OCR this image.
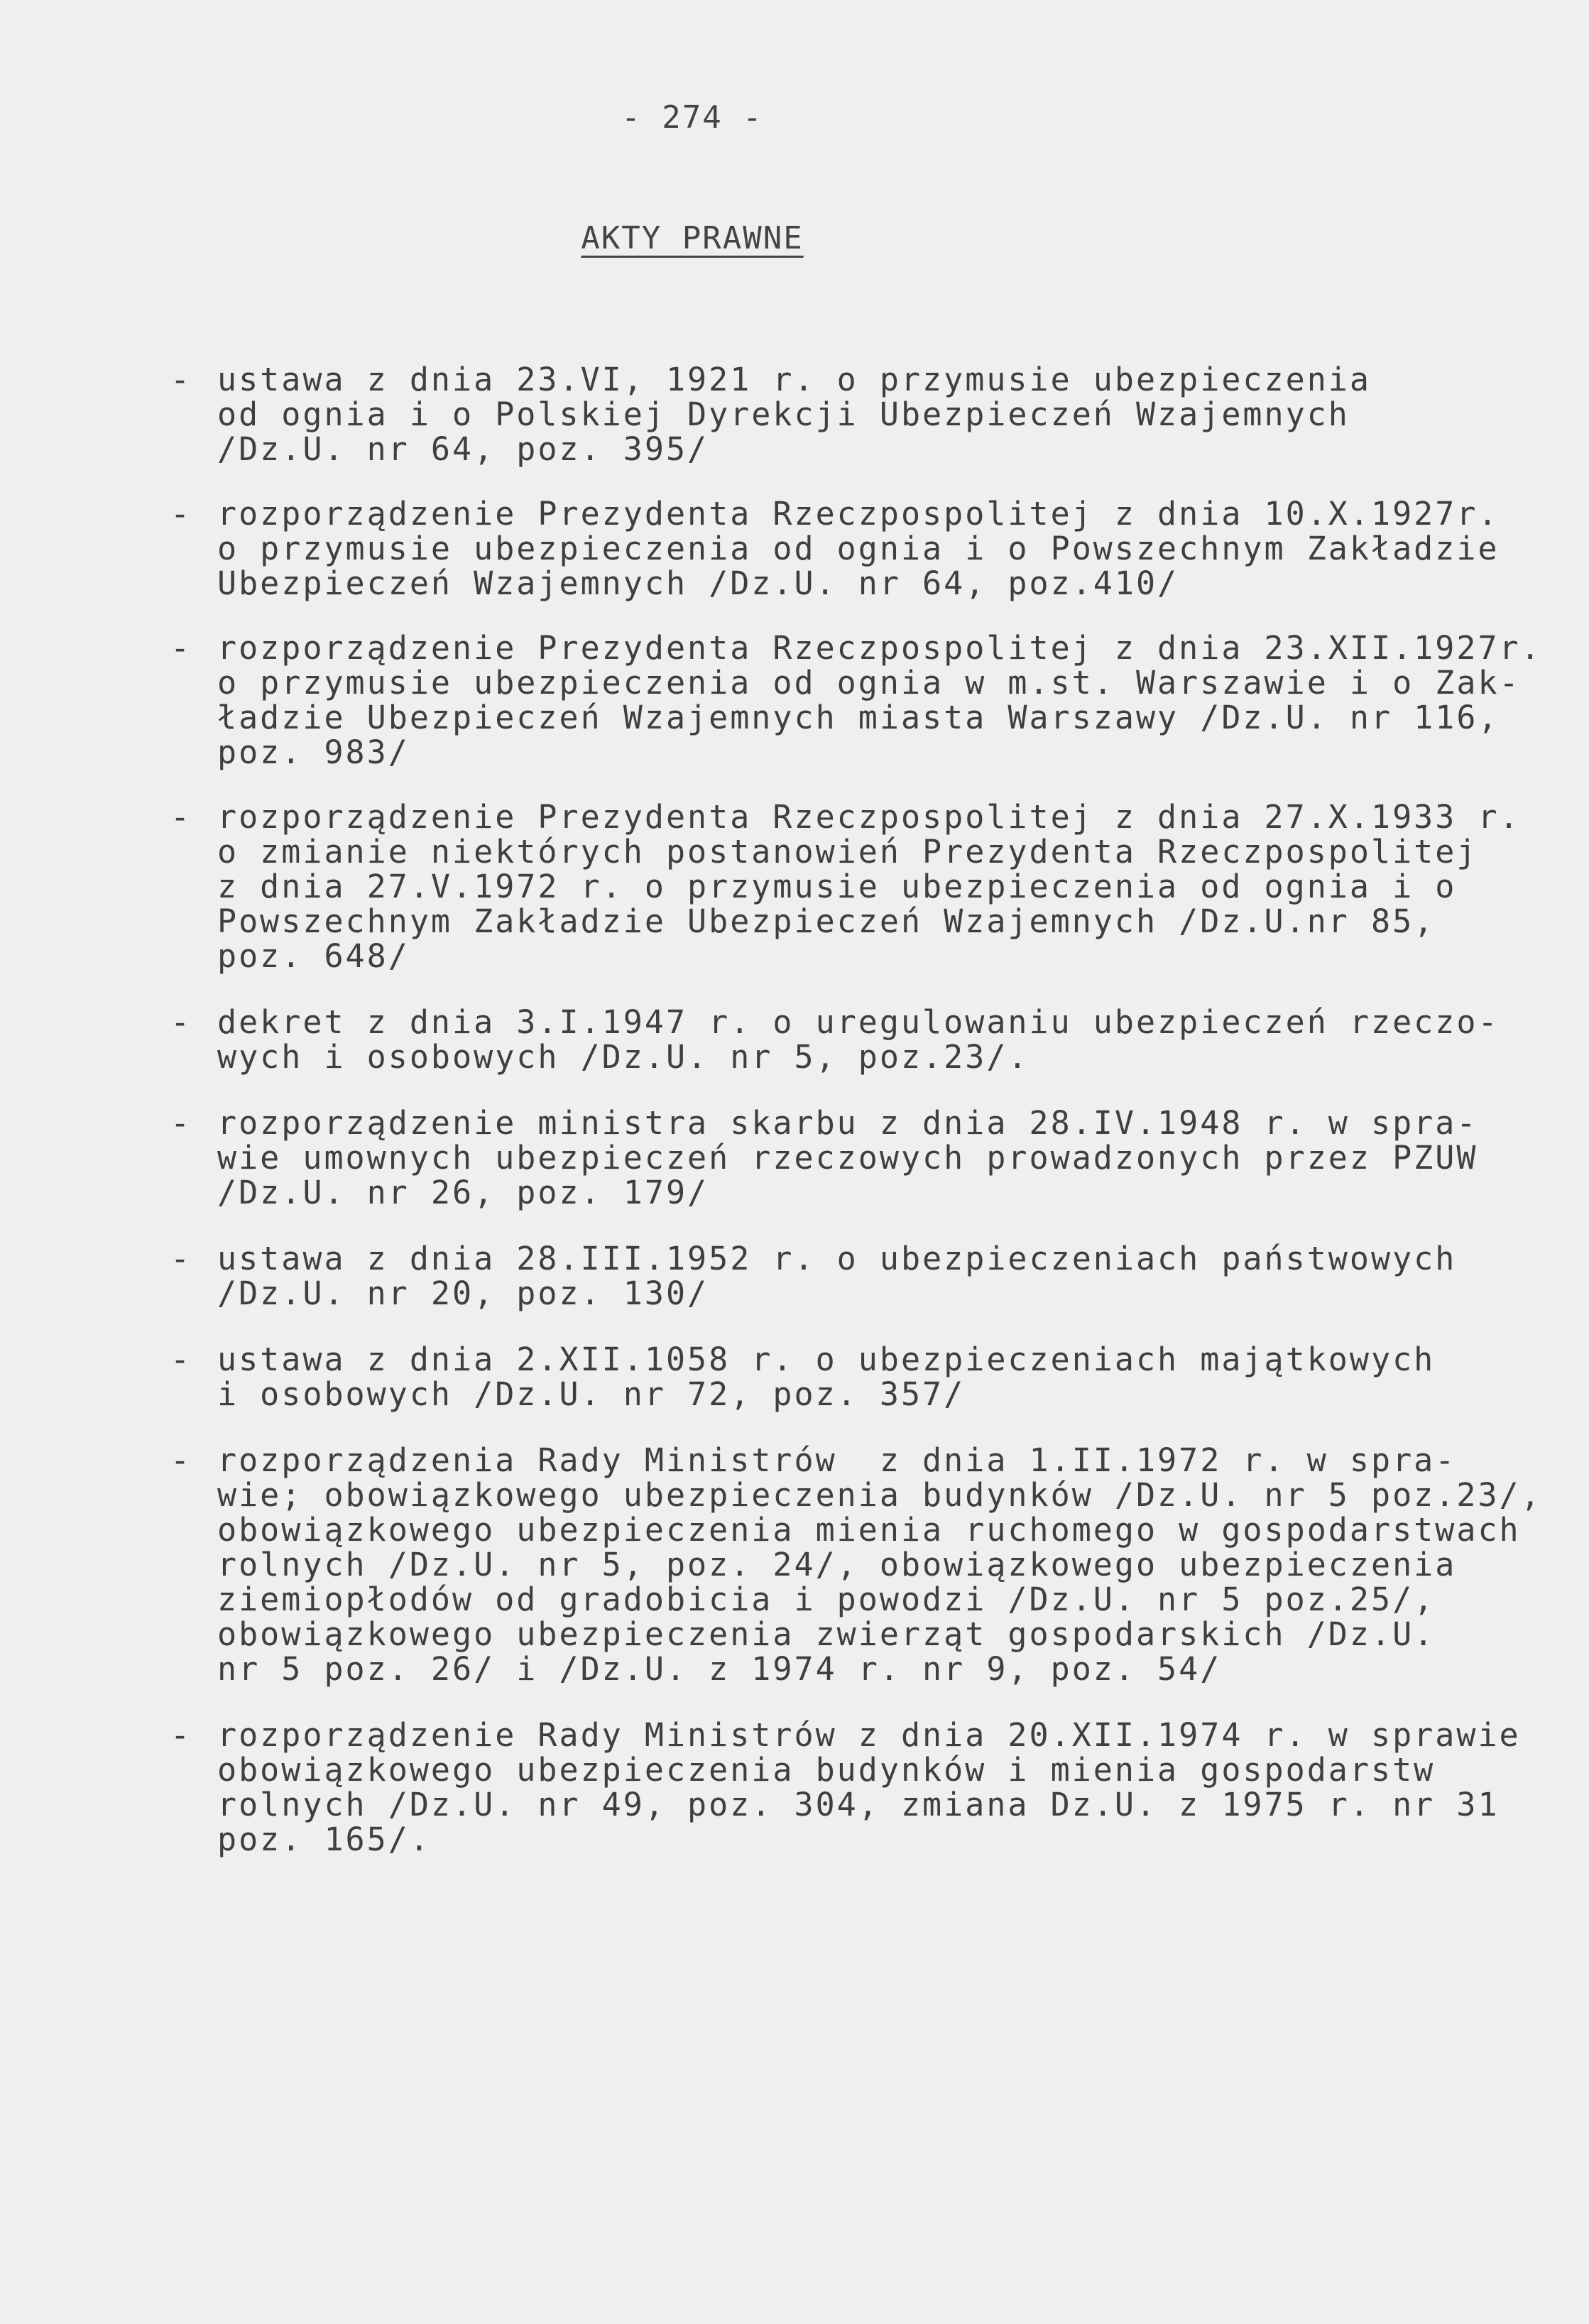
- 274 -
AKTY PRAWNE
- ustawa z dnia 23.VI, 1921 r. o przymusie ubezpieczenia
od ognia i o Polskiej Dyrekcji Ubezpieczeń Wzajemnych
/Dz.U. nr 64, poz. 395/
- rozporządzenie Prezydenta Rzeczpospolitej z dnia 10.X.1927r.
o przymusie ubezpieczenia od ognia i o Powszechnym Zakładzie
Ubezpieczeń Wzajemnych /Dz.U. nr 64, poz.410/
- rozporządzenie Prezydenta Rzeczpospolitej z dnia 23.XII.1927r.
o przymusie ubezpieczenia od ognia w m.st. Warszawie i o Zak-
ładzie Ubezpieczeń Wzajemnych miasta Warszawy /Dz.U. nr 116,
poz. 983/
- rozporządzenie Prezydenta Rzeczpospolitej z dnia 27.X.1933 r.
o zmianie niektórych postanowień Prezydenta Rzeczpospolitej
z dnia 27.V.1972 r. o przymusie ubezpieczenia od ognia i o
Powszechnym Zakładzie Ubezpieczeń Wzajemnych /Dz.U.nr 85,
poz. 648/
- dekret z dnia 3.I.1947 r. o uregulowaniu ubezpieczeń rzeczo-
wych i osobowych /Dz.U. nr 5, poz.23/.
- rozporządzenie ministra skarbu z dnia 28.IV.1948 r. w spra-
wie umownych ubezpieczeń rzeczowych prowadzonych przez PZUW
/Dz.U. nr 26, poz. 179/
- ustawa z dnia 28.III.1952 r. o ubezpieczeniach państwowych
/Dz.U. nr 20, poz. 130/
- ustawa z dnia 2.XII.1058 r. o ubezpieczeniach majątkowych
i osobowych /Dz.U. nr 72, poz. 357/
- rozporządzenia Rady Ministrów  z dnia 1.II.1972 r. w spra-
wie; obowiązkowego ubezpieczenia budynków /Dz.U. nr 5 poz.23/,
obowiązkowego ubezpieczenia mienia ruchomego w gospodarstwach
rolnych /Dz.U. nr 5, poz. 24/, obowiązkowego ubezpieczenia
ziemiopłodów od gradobicia i powodzi /Dz.U. nr 5 poz.25/,
obowiązkowego ubezpieczenia zwierząt gospodarskich /Dz.U.
nr 5 poz. 26/ i /Dz.U. z 1974 r. nr 9, poz. 54/
- rozporządzenie Rady Ministrów z dnia 20.XII.1974 r. w sprawie
obowiązkowego ubezpieczenia budynków i mienia gospodarstw
rolnych /Dz.U. nr 49, poz. 304, zmiana Dz.U. z 1975 r. nr 31
poz. 165/.
